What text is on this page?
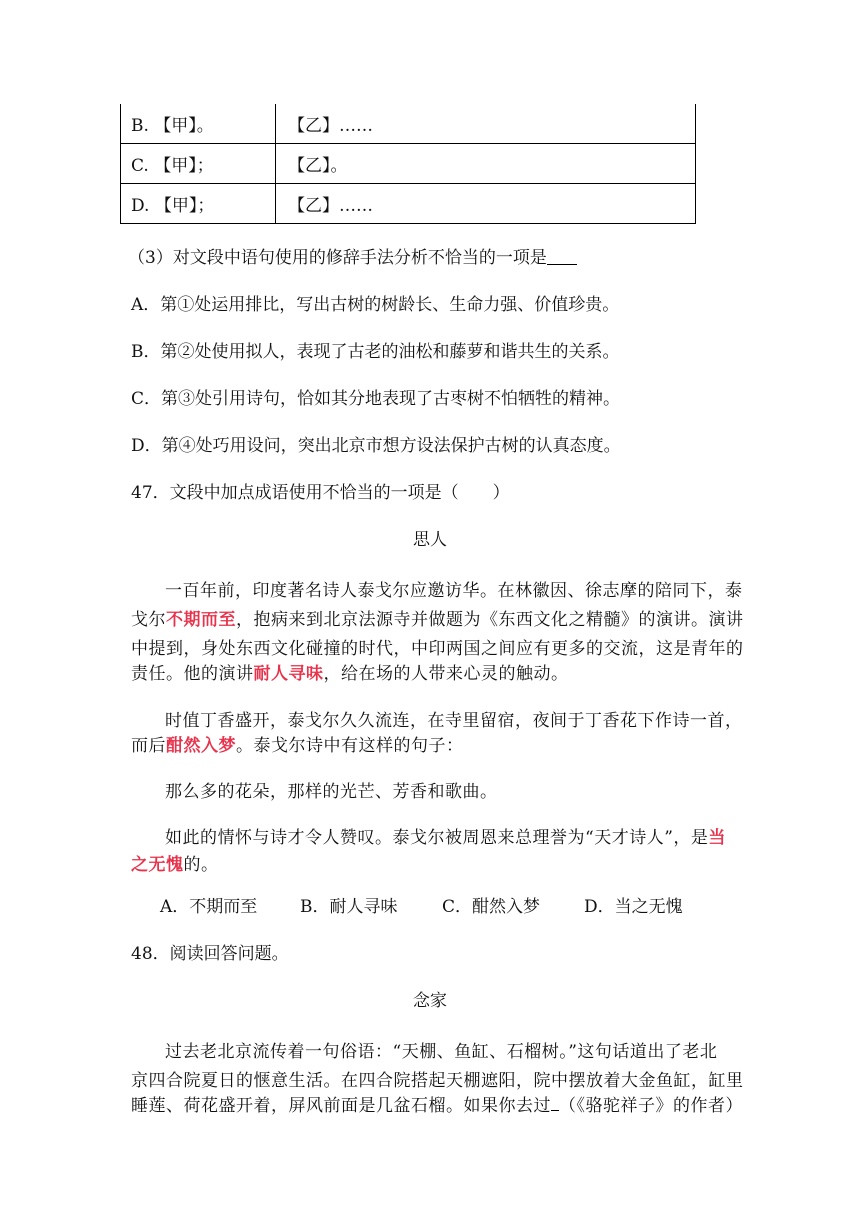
B. 【甲】。	【乙】……
C. 【甲】；	【乙】。
D. 【甲】；	【乙】……
（3）对文段中语句使用的修辞手法分析不恰当的一项是
A．第①处运用排比，写出古树的树龄长、生命力强、价值珍贵。
B．第②处使用拟人，表现了古老的油松和藤萝和谐共生的关系。
C．第③处引用诗句，恰如其分地表现了古枣树不怕牺牲的精神。
D．第④处巧用设问，突出北京市想方设法保护古树的认真态度。
47．文段中加点成语使用不恰当的一项是（　　）
思人
一百年前，印度著名诗人泰戈尔应邀访华。在林徽因、徐志摩的陪同下，泰
戈尔不期而至，抱病来到北京法源寺并做题为《东西文化之精髓》的演讲。演讲
中提到，身处东西文化碰撞的时代，中印两国之间应有更多的交流，这是青年的
责任。他的演讲耐人寻味，给在场的人带来心灵的触动。
时值丁香盛开，泰戈尔久久流连，在寺里留宿，夜间于丁香花下作诗一首，
而后酣然入梦。泰戈尔诗中有这样的句子：
那么多的花朵，那样的光芒、芳香和歌曲。
如此的情怀与诗才令人赞叹。泰戈尔被周恩来总理誉为“天才诗人”，是当
之无愧的。
A．不期而至	B．耐人寻味	C．酣然入梦	D．当之无愧
48．阅读回答问题。
念家
过去老北京流传着一句俗语：“天棚、鱼缸、石榴树。”这句话道出了老北
京四合院夏日的惬意生活。在四合院搭起天棚遮阳，院中摆放着大金鱼缸，缸里
睡莲、荷花盛开着，屏风前面是几盆石榴。如果你去过 （《骆驼祥子》的作者）
